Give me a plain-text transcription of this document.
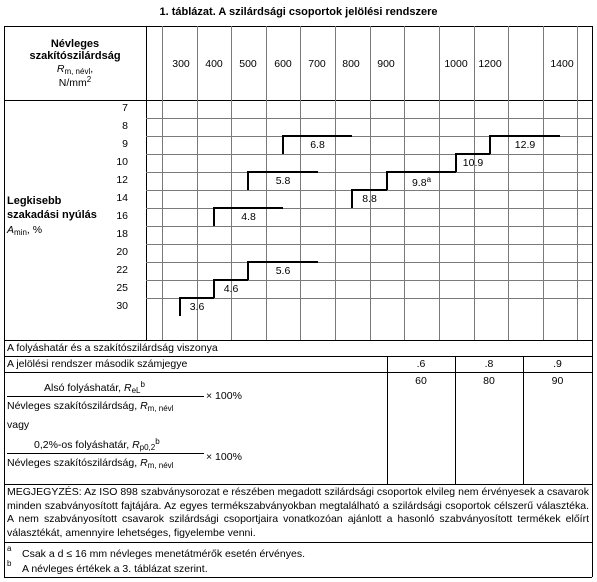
1. táblázat. A szilárdsági csoportok jelölési rendszere
Névleges
szakítószilárdság
$R_{m, névl}$,
$N/mm^2$
300	400	500	600	700	800	900	1000	1200	1400
Legkisebb
szakadási nyúlás
$A_{min}$, %
7
8
9
10
12
14
16
18
20
22
25
30	3.6
4.6
4.8
5.6
5.8
6.8
8.8
9.8$^a$
10.9
12.9
A folyáshatár és a szakítószilárdság viszonya
A jelölési rendszer második számjegye	.6	.8	.9
60	80	90
Alsó folyáshatár, $R_{eL}^b$
Névleges szakítószilárdság, $R_{m, névl}$
× 100%
vagy
0,2%-os folyáshatár, $R_{p0,2}^b$
Névleges szakítószilárdság, $R_{m, névl}$
× 100%
MEGJEGYZÉS: Az ISO 898 szabványsorozat e részében megadott szilárdsági csoportok elvileg nem érvényesek a csavarok minden szabványosított fajtájára. Az egyes termékszabványokban megtalálható a szilárdsági csoportok célszerű választéka. A nem szabványosított csavarok szilárdsági csoportjaira vonatkozóan ajánlott a hasonló szabványosított termékek előírt választékát, amennyire lehetséges, figyelembe venni.
a Csak a d ≤ 16 mm névleges menetátmérők esetén érvényes.
b A névleges értékek a 3. táblázat szerint.
